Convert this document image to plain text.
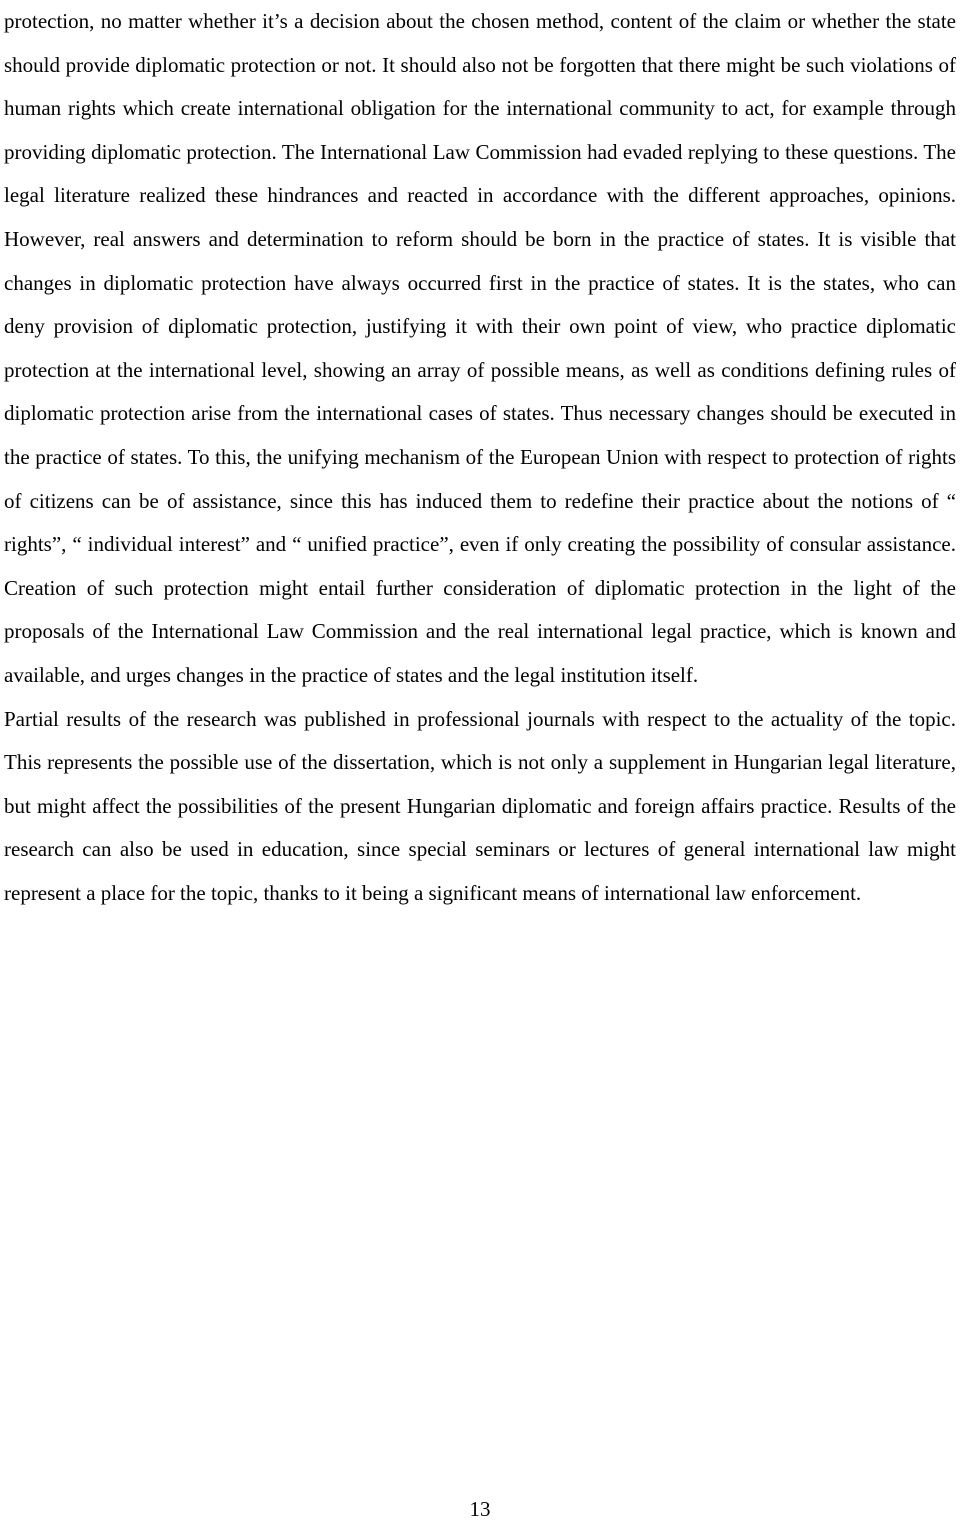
protection, no matter whether it’s a decision about the chosen method, content of the claim or whether the state should provide diplomatic protection or not. It should also not be forgotten that there might be such violations of human rights which create international obligation for the international community to act, for example through providing diplomatic protection. The International Law Commission had evaded replying to these questions. The legal literature realized these hindrances and reacted in accordance with the different approaches, opinions. However, real answers and determination to reform should be born in the practice of states. It is visible that changes in diplomatic protection have always occurred first in the practice of states. It is the states, who can deny provision of diplomatic protection, justifying it with their own point of view, who practice diplomatic protection at the international level, showing an array of possible means, as well as conditions defining rules of diplomatic protection arise from the international cases of states. Thus necessary changes should be executed in the practice of states. To this, the unifying mechanism of the European Union with respect to protection of rights of citizens can be of assistance, since this has induced them to redefine their practice about the notions of “ rights”, “ individual interest” and “ unified practice”, even if only creating the possibility of consular assistance. Creation of such protection might entail further consideration of diplomatic protection in the light of the proposals of the International Law Commission and the real international legal practice, which is known and available, and urges changes in the practice of states and the legal institution itself.

Partial results of the research was published in professional journals with respect to the actuality of the topic. This represents the possible use of the dissertation, which is not only a supplement in Hungarian legal literature, but might affect the possibilities of the present Hungarian diplomatic and foreign affairs practice. Results of the research can also be used in education, since special seminars or lectures of general international law might represent a place for the topic, thanks to it being a significant means of international law enforcement.

13
